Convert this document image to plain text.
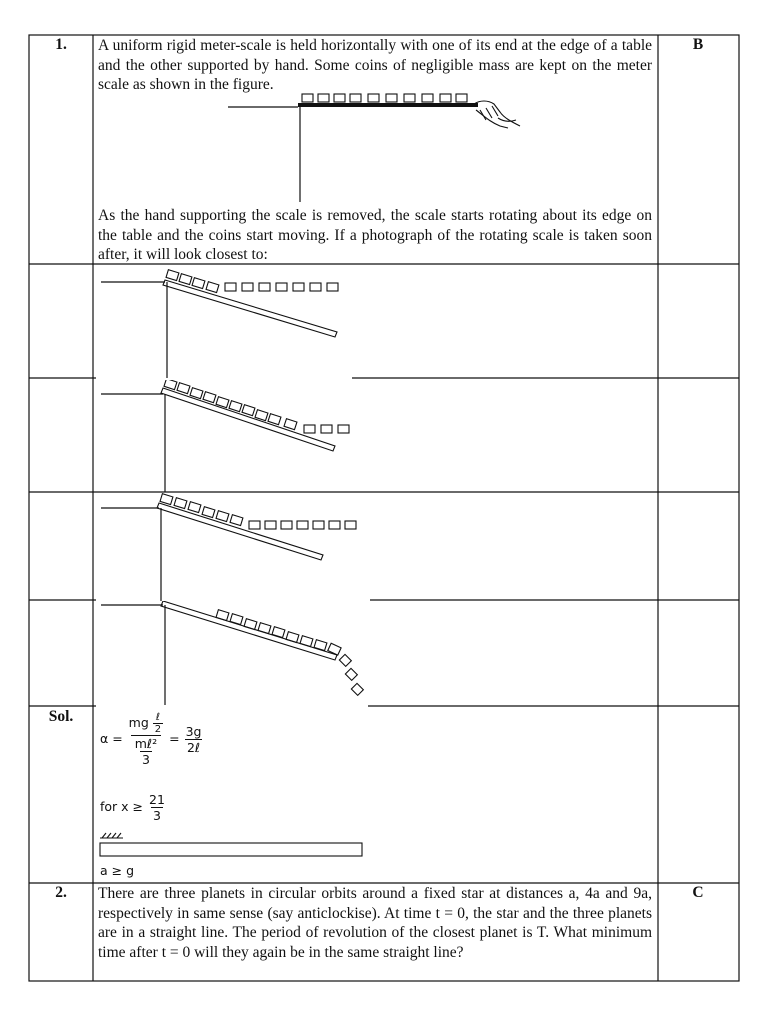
1.	B
A uniform rigid meter-scale is held horizontally with one of its end at the edge of a table and the other supported by hand. Some coins of negligible mass are kept on the meter scale as shown in the figure.
As the hand supporting the scale is removed, the scale starts rotating about its edge on the table and the coins start moving. If a photograph of the rotating scale is taken soon after, it will look closest to:
Sol.
$\alpha = \frac{mg \frac{\text{ℓ}}{2}}{\frac{\text{mℓ²}}{3}} = \frac{3g}{\text{2ℓ}}$
for $x \ge \frac{21}{3}$
a ≥ g
2.	C
There are three planets in circular orbits around a fixed star at distances a, 4a and 9a, respectively in same sense (say anticlockise). At time t = 0, the star and the three planets are in a straight line. The period of revolution of the closest planet is T. What minimum time after t = 0 will they again be in the same straight line?
